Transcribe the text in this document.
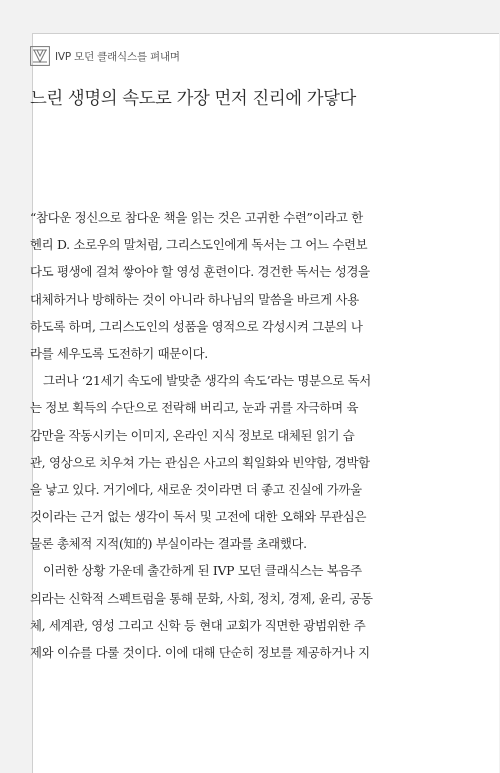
IVP 모던 클래식스를 펴내며
느린 생명의 속도로 가장 먼저 진리에 가닿다
“참다운 정신으로 참다운 책을 읽는 것은 고귀한 수련”이라고 한
헨리 D. 소로우의 말처럼, 그리스도인에게 독서는 그 어느 수련보
다도 평생에 걸쳐 쌓아야 할 영성 훈련이다. 경건한 독서는 성경을
대체하거나 방해하는 것이 아니라 하나님의 말씀을 바르게 사용
하도록 하며, 그리스도인의 성품을 영적으로 각성시켜 그분의 나
라를 세우도록 도전하기 때문이다.
그러나 ‘21세기 속도에 발맞춘 생각의 속도’라는 명분으로 독서
는 정보 획득의 수단으로 전락해 버리고, 눈과 귀를 자극하며 육
감만을 작동시키는 이미지, 온라인 지식 정보로 대체된 읽기 습
관, 영상으로 치우쳐 가는 관심은 사고의 획일화와 빈약함, 경박함
을 낳고 있다. 거기에다, 새로운 것이라면 더 좋고 진실에 가까울
것이라는 근거 없는 생각이 독서 및 고전에 대한 오해와 무관심은
물론 총체적 지적(知的) 부실이라는 결과를 초래했다.
이러한 상황 가운데 출간하게 된 IVP 모던 클래식스는 복음주
의라는 신학적 스펙트럼을 통해 문화, 사회, 정치, 경제, 윤리, 공동
체, 세계관, 영성 그리고 신학 등 현대 교회가 직면한 광범위한 주
제와 이슈를 다룰 것이다. 이에 대해 단순히 정보를 제공하거나 지
